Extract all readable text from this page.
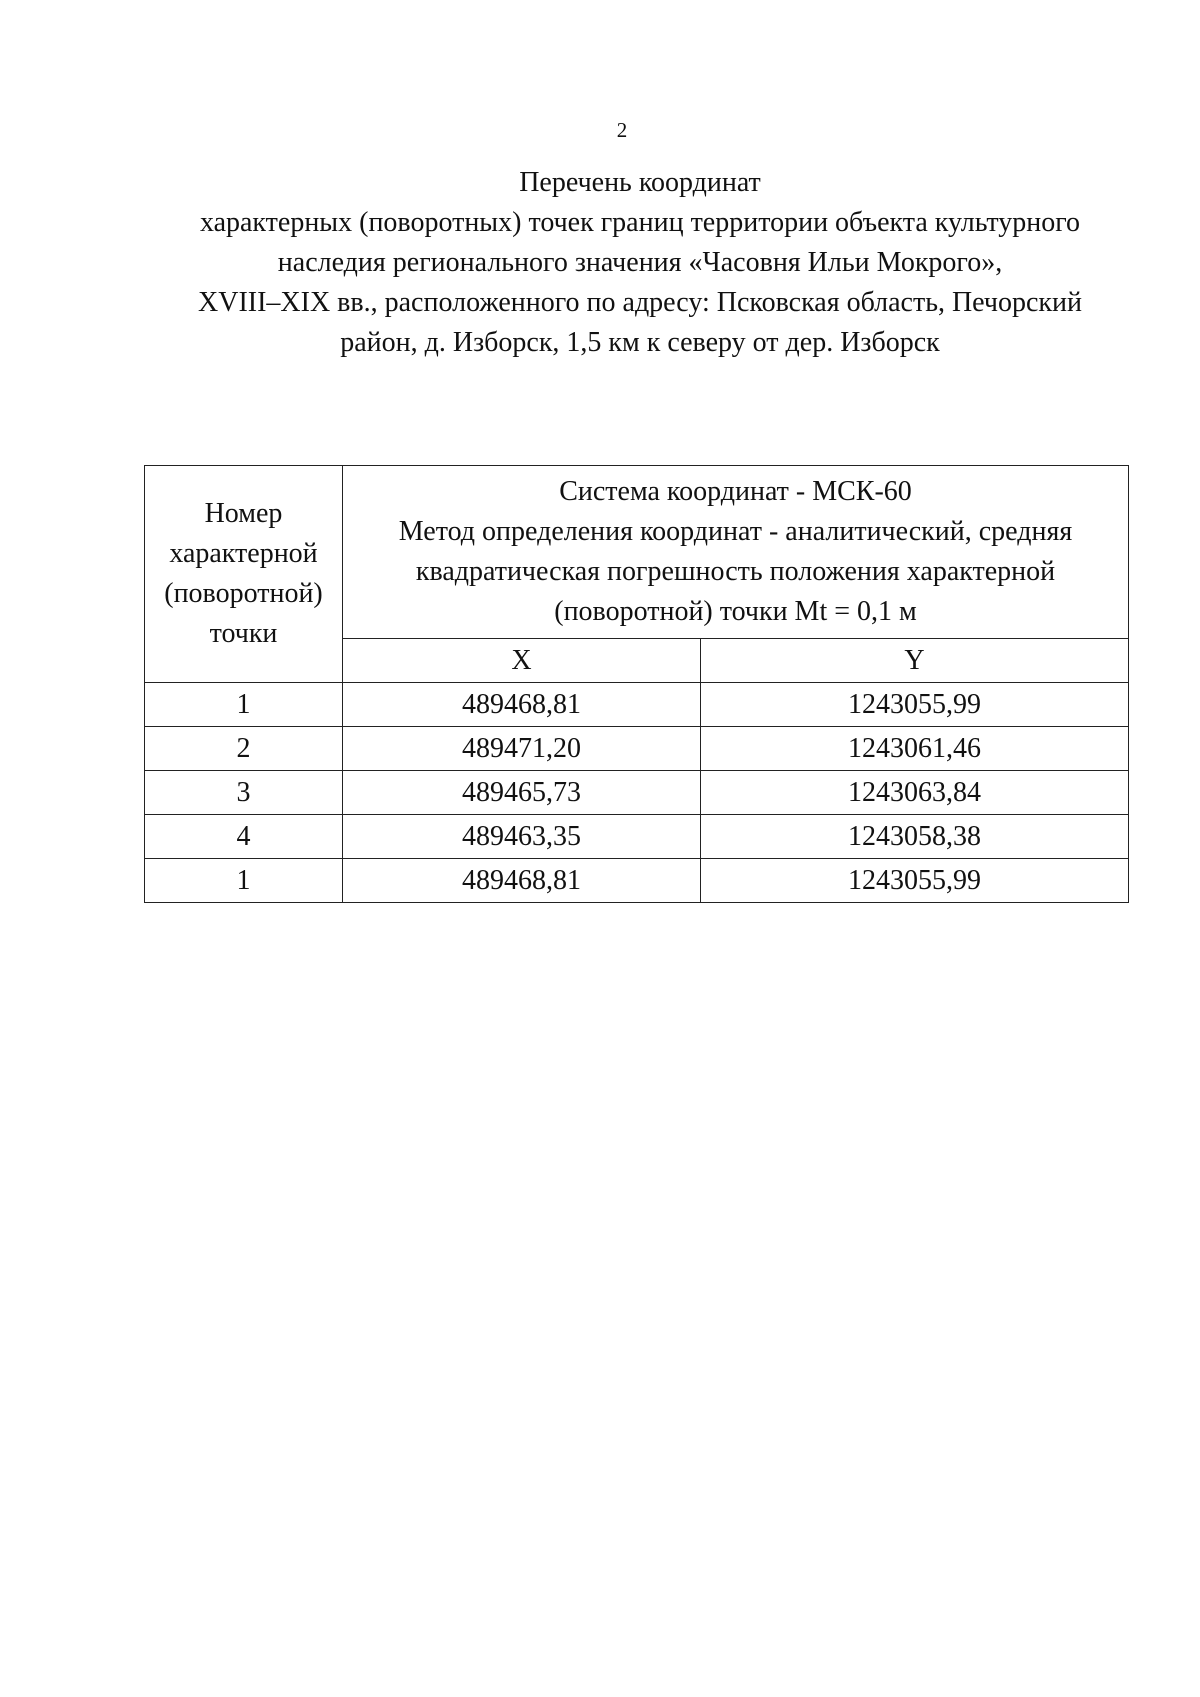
2
Перечень координат
характерных (поворотных) точек границ территории объекта культурного
наследия регионального значения «Часовня Ильи Мокрого»,
XVIII–XIX вв., расположенного по адресу: Псковская область, Печорский
район, д. Изборск, 1,5 км к северу от дер. Изборск
Номер
характерной
(поворотной)
точки	Система координат - МСК-60
Метод определения координат - аналитический, средняя
квадратическая погрешность положения характерной
(поворотной) точки Mt = 0,1 м	

	X	Y
1	489468,81	1243055,99
2	489471,20	1243061,46
3	489465,73	1243063,84
4	489463,35	1243058,38
1	489468,81	1243055,99
